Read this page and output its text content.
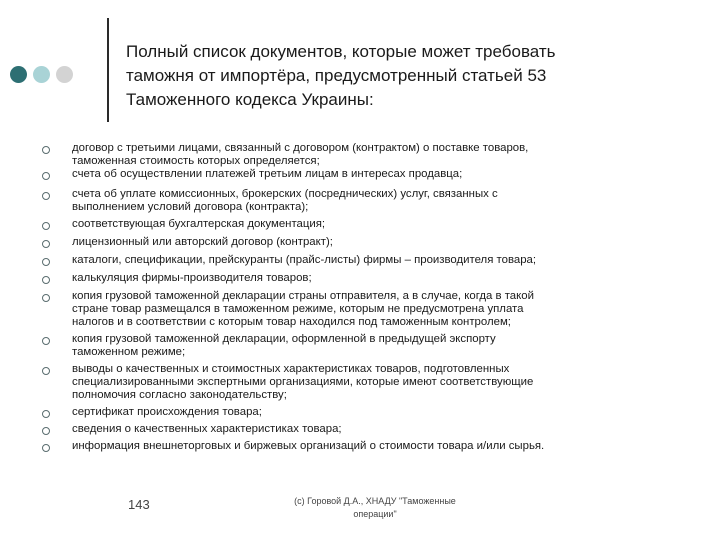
Полный список документов, которые может требовать
таможня от импортёра, предусмотренный статьей 53
Таможенного кодекса Украины:
договор с третьими лицами, связанный с договором (контрактом) о поставке товаров,
таможенная стоимость которых определяется;
счета об осуществлении платежей третьим лицам в интересах продавца;
счета об уплате комиссионных, брокерских (посреднических) услуг, связанных с
выполнением условий договора (контракта);
соответствующая бухгалтерская документация;
лицензионный или авторский договор (контракт);
каталоги, спецификации, прейскуранты (прайс-листы) фирмы – производителя товара;
калькуляция фирмы-производителя товаров;
копия грузовой таможенной декларации страны отправителя, а в случае, когда в такой
стране товар размещался в таможенном режиме, которым не предусмотрена уплата
налогов и в соответствии с которым товар находился под таможенным контролем;
копия грузовой таможенной декларации, оформленной в предыдущей экспорту
таможенном режиме;
выводы о качественных и стоимостных характеристиках товаров, подготовленных
специализированными экспертными организациями, которые имеют соответствующие
полномочия согласно законодательству;
сертификат происхождения товара;
сведения о качественных характеристиках товара;
информация внешнеторговых и биржевых организаций о стоимости товара и/или сырья.
143	(с) Горовой Д.А., ХНАДУ "Таможенные
операции"
